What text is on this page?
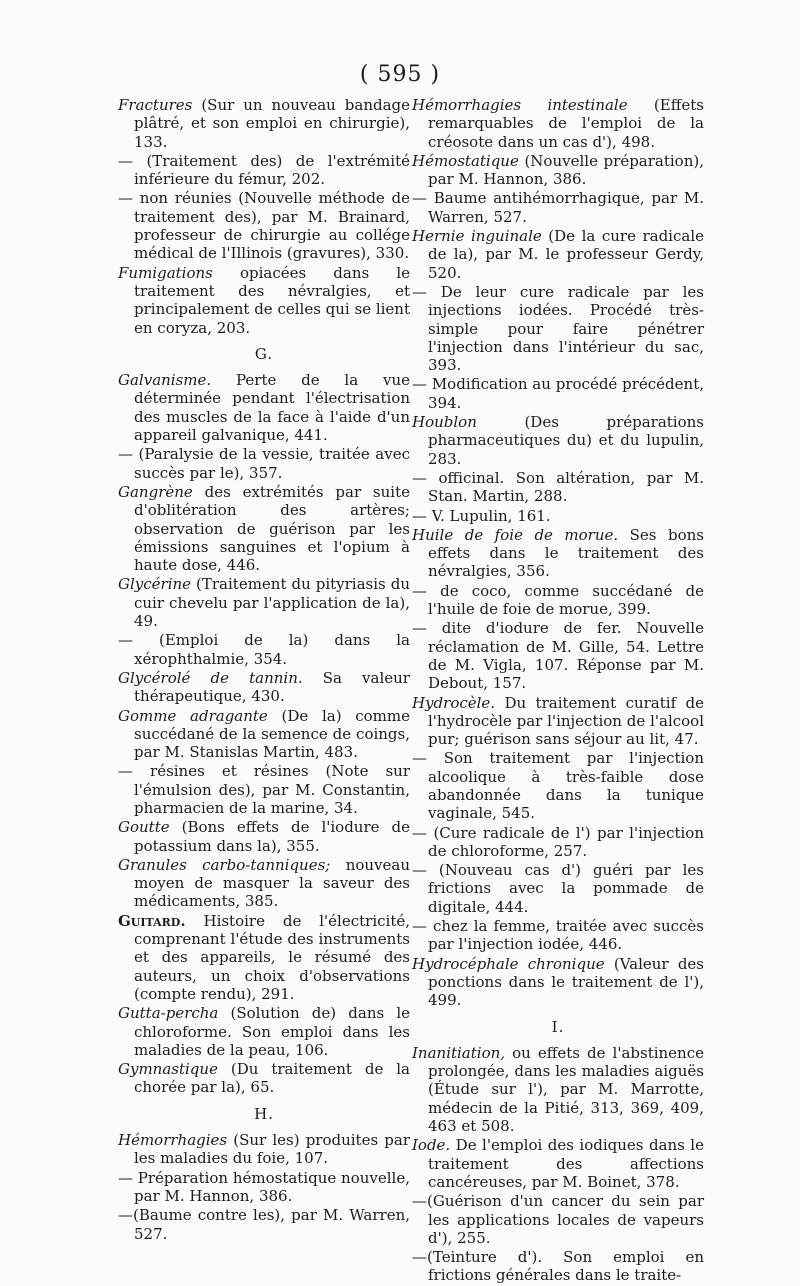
( 595 )
Fractures (Sur un nouveau bandage plâtré, et son emploi en chirurgie), 133.
— (Traitement des) de l'extrémité inférieure du fémur, 202.
— non réunies (Nouvelle méthode de traitement des), par M. Brainard, professeur de chirurgie au collége médical de l'Illinois (gravures), 330.
Fumigations opiacées dans le traitement des névralgies, et principalement de celles qui se lient en coryza, 203.
G.
Galvanisme. Perte de la vue déterminée pendant l'électrisation des muscles de la face à l'aide d'un appareil galvanique, 441.
— (Paralysie de la vessie, traitée avec succès par le), 357.
Gangrène des extrémités par suite d'oblitération des artères; observation de guérison par les émissions sanguines et l'opium à haute dose, 446.
Glycérine (Traitement du pityriasis du cuir chevelu par l'application de la), 49.
— (Emploi de la) dans la xérophthalmie, 354.
Glycérolé de tannin. Sa valeur thérapeutique, 430.
Gomme adragante (De la) comme succédané de la semence de coings, par M. Stanislas Martin, 483.
— résines et résines (Note sur l'émulsion des), par M. Constantin, pharmacien de la marine, 34.
Goutte (Bons effets de l'iodure de potassium dans la), 355.
Granules carbo-tanniques; nouveau moyen de masquer la saveur des médicaments, 385.
Guitard. Histoire de l'électricité, comprenant l'étude des instruments et des appareils, le résumé des auteurs, un choix d'observations (compte rendu), 291.
Gutta-percha (Solution de) dans le chloroforme. Son emploi dans les maladies de la peau, 106.
Gymnastique (Du traitement de la chorée par la), 65.
H.
Hémorrhagies (Sur les) produites par les maladies du foie, 107.
— Préparation hémostatique nouvelle, par M. Hannon, 386.
—(Baume contre les), par M. Warren, 527.
Hémorrhagies intestinale (Effets remarquables de l'emploi de la créosote dans un cas d'), 498.
Hémostatique (Nouvelle préparation), par M. Hannon, 386.
— Baume antihémorrhagique, par M. Warren, 527.
Hernie inguinale (De la cure radicale de la), par M. le professeur Gerdy, 520.
— De leur cure radicale par les injections iodées. Procédé très-simple pour faire pénétrer l'injection dans l'intérieur du sac, 393.
— Modification au procédé précédent, 394.
Houblon (Des préparations pharmaceutiques du) et du lupulin, 283.
— officinal. Son altération, par M. Stan. Martin, 288.
— V. Lupulin, 161.
Huile de foie de morue. Ses bons effets dans le traitement des névralgies, 356.
— de coco, comme succédané de l'huile de foie de morue, 399.
— dite d'iodure de fer. Nouvelle réclamation de M. Gille, 54. Lettre de M. Vigla, 107. Réponse par M. Debout, 157.
Hydrocèle. Du traitement curatif de l'hydrocèle par l'injection de l'alcool pur; guérison sans séjour au lit, 47.
— Son traitement par l'injection alcoolique à très-faible dose abandonnée dans la tunique vaginale, 545.
— (Cure radicale de l') par l'injection de chloroforme, 257.
— (Nouveau cas d') guéri par les frictions avec la pommade de digitale, 444.
— chez la femme, traitée avec succès par l'injection iodée, 446.
Hydrocéphale chronique (Valeur des ponctions dans le traitement de l'), 499.
I.
Inanitiation, ou effets de l'abstinence prolongée, dans les maladies aiguës (Étude sur l'), par M. Marrotte, médecin de la Pitié, 313, 369, 409, 463 et 508.
Iode. De l'emploi des iodiques dans le traitement des affections cancéreuses, par M. Boinet, 378.
—(Guérison d'un cancer du sein par les applications locales de vapeurs d'), 255.
—(Teinture d'). Son emploi en frictions générales dans le traite-
